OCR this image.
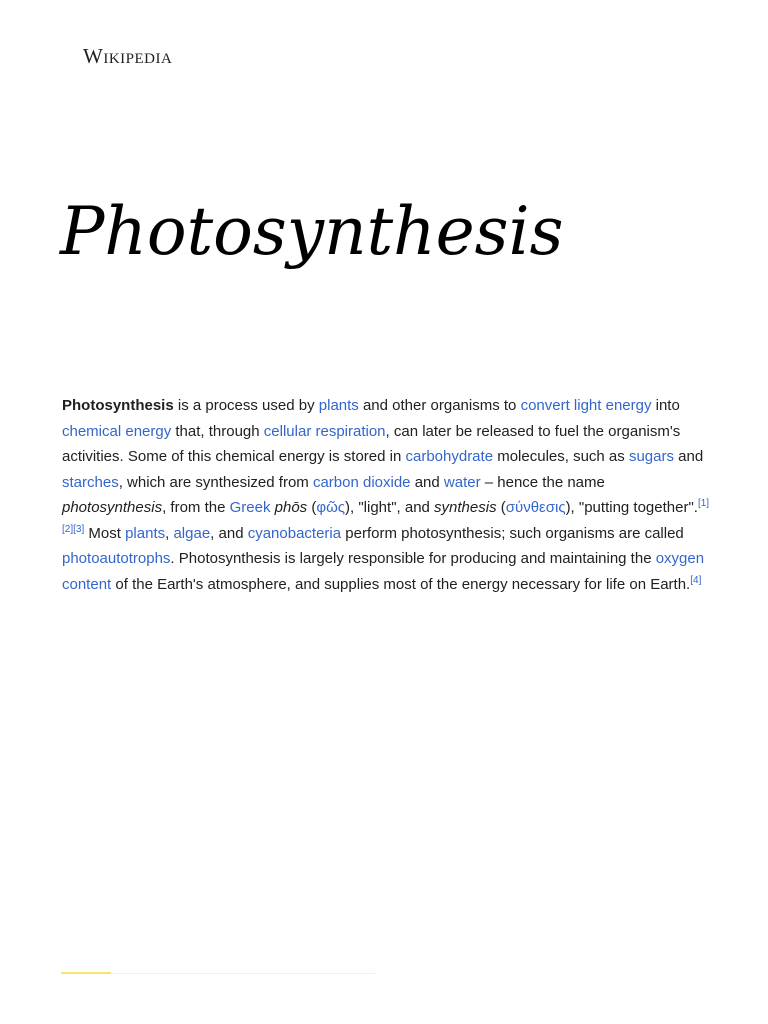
Wikipedia
Photosynthesis

Photosynthesis is a process used by plants and other organisms to convert light energy into chemical energy that, through cellular respiration, can later be released to fuel the organism's activities. Some of this chemical energy is stored in carbohydrate molecules, such as sugars and starches, which are synthesized from carbon dioxide and water – hence the name photosynthesis, from the Greek phōs (φῶς), "light", and synthesis (σύνθεσις), "putting together".[1][2][3] Most plants, algae, and cyanobacteria perform photosynthesis; such organisms are called photoautotrophs. Photosynthesis is largely responsible for producing and maintaining the oxygen content of the Earth's atmosphere, and supplies most of the energy necessary for life on Earth.[4]
